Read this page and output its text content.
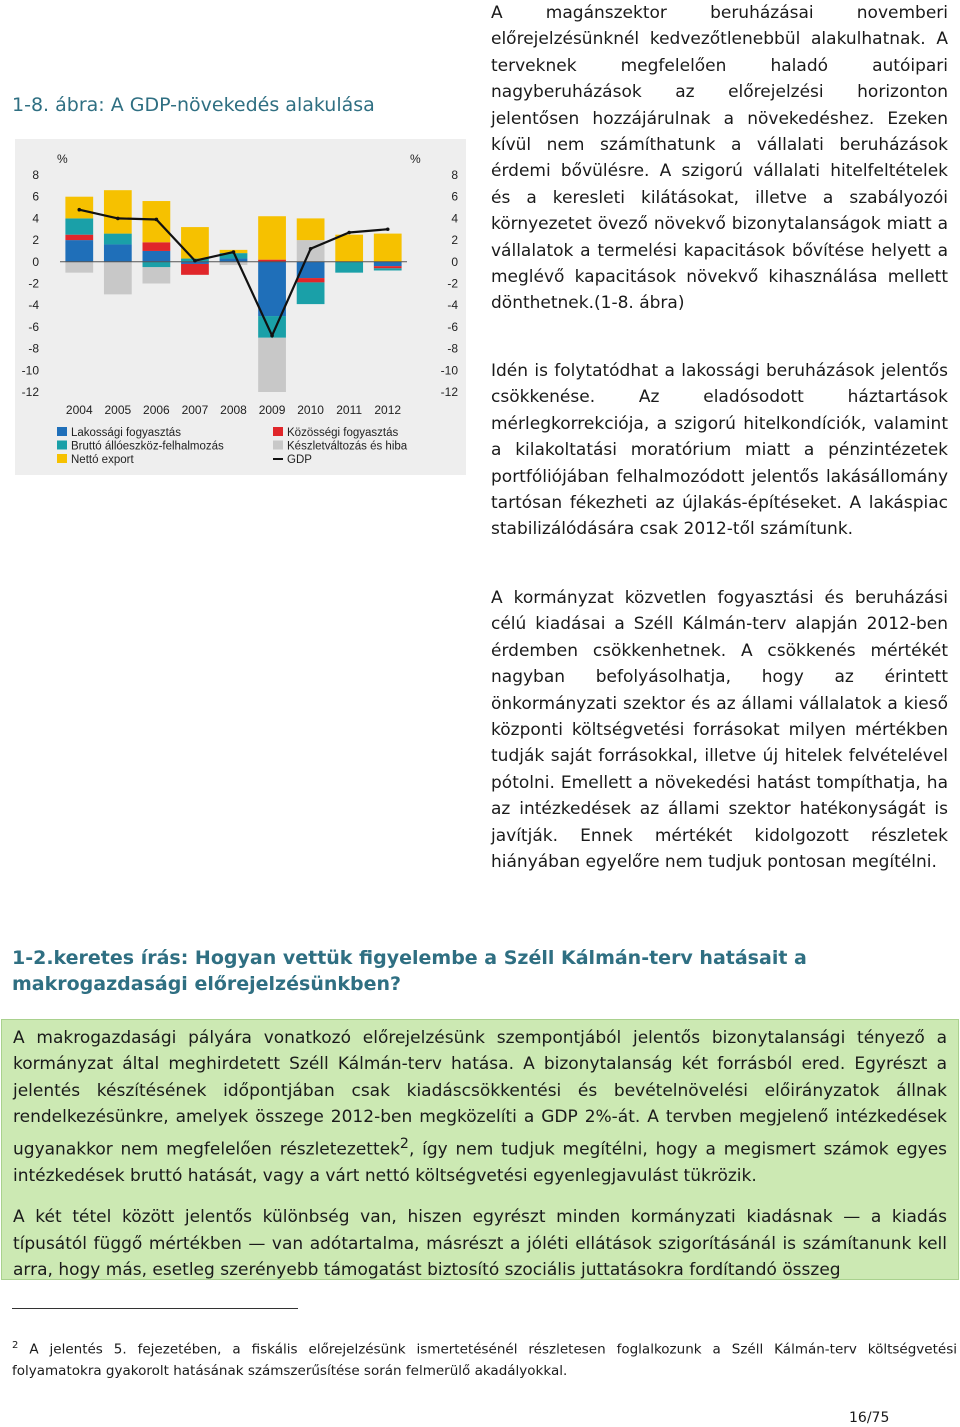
1-8. ábra: A GDP-növekedés alakulása
%	%
8	8
6	6
4	4
2	2
0	0
-2	-2
-4	-4
-6	-6
-8	-8
-10	-10
-12	-12
2004 2005 2006 2007 2008 2009 2010 2011 2012
Lakossági fogyasztás	Közösségi fogyasztás
Bruttó állóeszköz-felhalmozás	Készletváltozás és hiba
Nettó export	GDP

A magánszektor beruházásai novemberi előrejelzésünknél kedvezőtlenebbül alakulhatnak. A terveknek megfelelően haladó autóipari nagyberuházások az előrejelzési horizonton jelentősen hozzájárulnak a növekedéshez. Ezeken kívül nem számíthatunk a vállalati beruházások érdemi bővülésre. A szigorú vállalati hitelfeltételek és a keresleti kilátásokat, illetve a szabályozói környezetet övező növekvő bizonytalanságok miatt a vállalatok a termelési kapacitások bővítése helyett a meglévő kapacitások növekvő kihasználása mellett dönthetnek.(1-8. ábra)

Idén is folytatódhat a lakossági beruházások jelentős csökkenése. Az eladósodott háztartások mérlegkorrekciója, a szigorú hitelkondíciók, valamint a kilakoltatási moratórium miatt a pénzintézetek portfóliójában felhalmozódott jelentős lakásállomány tartósan fékezheti az újlakás-építéseket. A lakáspiac stabilizálódására csak 2012-től számítunk.

A kormányzat közvetlen fogyasztási és beruházási célú kiadásai a Széll Kálmán-terv alapján 2012-ben érdemben csökkenhetnek. A csökkenés mértékét nagyban befolyásolhatja, hogy az érintett önkormányzati szektor és az állami vállalatok a kieső központi költségvetési forrásokat milyen mértékben tudják saját forrásokkal, illetve új hitelek felvételével pótolni. Emellett a növekedési hatást tompíthatja, ha az intézkedések az állami szektor hatékonyságát is javítják. Ennek mértékét kidolgozott részletek hiányában egyelőre nem tudjuk pontosan megítélni.

1-2.keretes írás: Hogyan vettük figyelembe a Széll Kálmán-terv hatásait a makrogazdasági előrejelzésünkben?

A makrogazdasági pályára vonatkozó előrejelzésünk szempontjából jelentős bizonytalansági tényező a kormányzat által meghirdetett Széll Kálmán-terv hatása. A bizonytalanság két forrásból ered. Egyrészt a jelentés készítésének időpontjában csak kiadáscsökkentési és bevételnövelési előirányzatok állnak rendelkezésünkre, amelyek összege 2012-ben megközelíti a GDP 2%-át. A tervben megjelenő intézkedések ugyanakkor nem megfelelően részletezettek$^2$, így nem tudjuk megítélni, hogy a megismert számok egyes intézkedések bruttó hatását, vagy a várt nettó költségvetési egyenlegjavulást tükrözik.

A két tétel között jelentős különbség van, hiszen egyrészt minden kormányzati kiadásnak — a kiadás típusától függő mértékben — van adótartalma, másrészt a jóléti ellátások szigorításánál is számítanunk kell arra, hogy más, esetleg szerényebb támogatást biztosító szociális juttatásokra fordítandó összeg

$^2$ A jelentés 5. fejezetében, a fiskális előrejelzésünk ismertetésénél részletesen foglalkozunk a Széll Kálmán-terv költségvetési folyamatokra gyakorolt hatásának számszerűsítése során felmerülő akadályokkal.

16/75
